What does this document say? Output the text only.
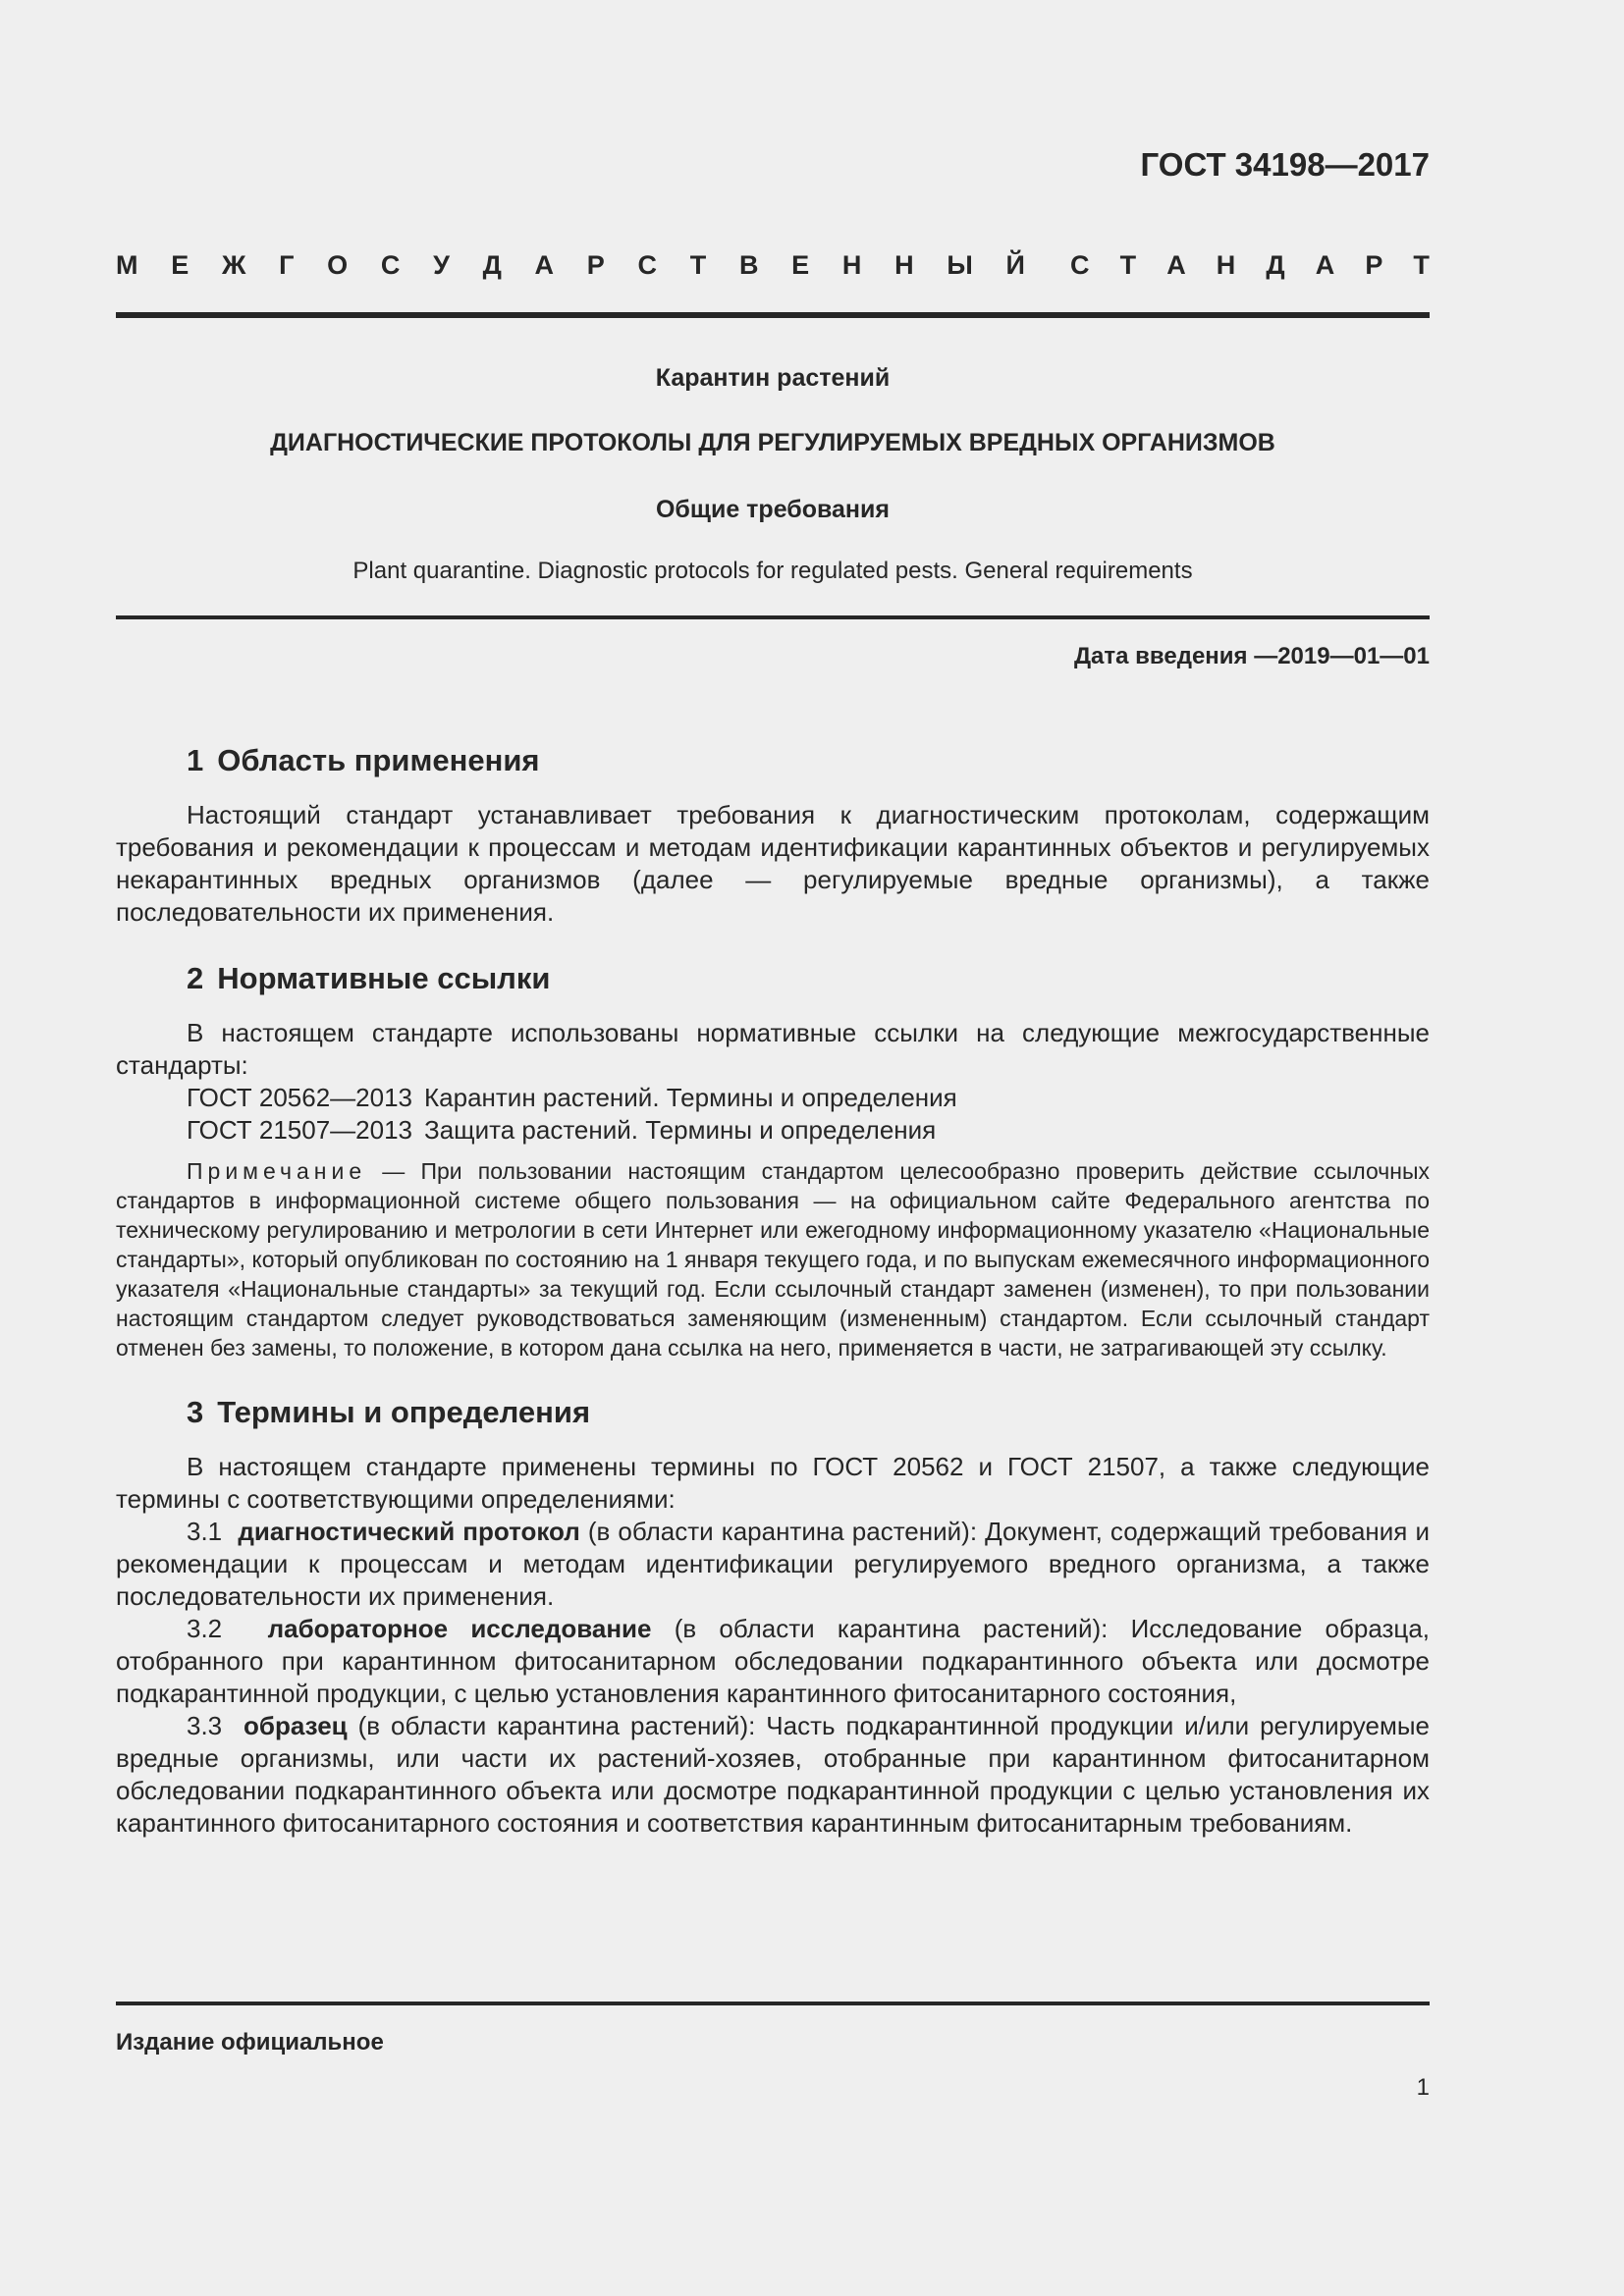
ГОСТ 34198—2017
М Е Ж Г О С У Д А Р С Т В Е Н Н Ы Й С Т А Н Д А Р Т
Карантин растений
ДИАГНОСТИЧЕСКИЕ ПРОТОКОЛЫ ДЛЯ РЕГУЛИРУЕМЫХ ВРЕДНЫХ ОРГАНИЗМОВ
Общие требования
Plant quarantine. Diagnostic protocols for regulated pests. General requirements
Дата введения —2019—01—01
1 Область применения

Настоящий стандарт устанавливает требования к диагностическим протоколам, содержащим требования и рекомендации к процессам и методам идентификации карантинных объектов и регулируемых некарантинных вредных организмов (далее — регулируемые вредные организмы), а также последовательности их применения.

2 Нормативные ссылки

В настоящем стандарте использованы нормативные ссылки на следующие межгосударственные стандарты:

ГОСТ 20562—2013 Карантин растений. Термины и определения

ГОСТ 21507—2013 Защита растений. Термины и определения

Примечание — При пользовании настоящим стандартом целесообразно проверить действие ссылочных стандартов в информационной системе общего пользования — на официальном сайте Федерального агентства по техническому регулированию и метрологии в сети Интернет или ежегодному информационному указателю «Национальные стандарты», который опубликован по состоянию на 1 января текущего года, и по выпускам ежемесячного информационного указателя «Национальные стандарты» за текущий год. Если ссылочный стандарт заменен (изменен), то при пользовании настоящим стандартом следует руководствоваться заменяющим (измененным) стандартом. Если ссылочный стандарт отменен без замены, то положение, в котором дана ссылка на него, применяется в части, не затрагивающей эту ссылку.

3 Термины и определения

В настоящем стандарте применены термины по ГОСТ 20562 и ГОСТ 21507, а также следующие термины с соответствующими определениями:

3.1 диагностический протокол (в области карантина растений): Документ, содержащий требования и рекомендации к процессам и методам идентификации регулируемого вредного организма, а также последовательности их применения.

3.2 лабораторное исследование (в области карантина растений): Исследование образца, отобранного при карантинном фитосанитарном обследовании подкарантинного объекта или досмотре подкарантинной продукции, с целью установления карантинного фитосанитарного состояния,

3.3 образец (в области карантина растений): Часть подкарантинной продукции и/или регулируемые вредные организмы, или части их растений-хозяев, отобранные при карантинном фитосанитарном обследовании подкарантинного объекта или досмотре подкарантинной продукции с целью установления их карантинного фитосанитарного состояния и соответствия карантинным фитосанитарным требованиям.

Издание официальное
1
